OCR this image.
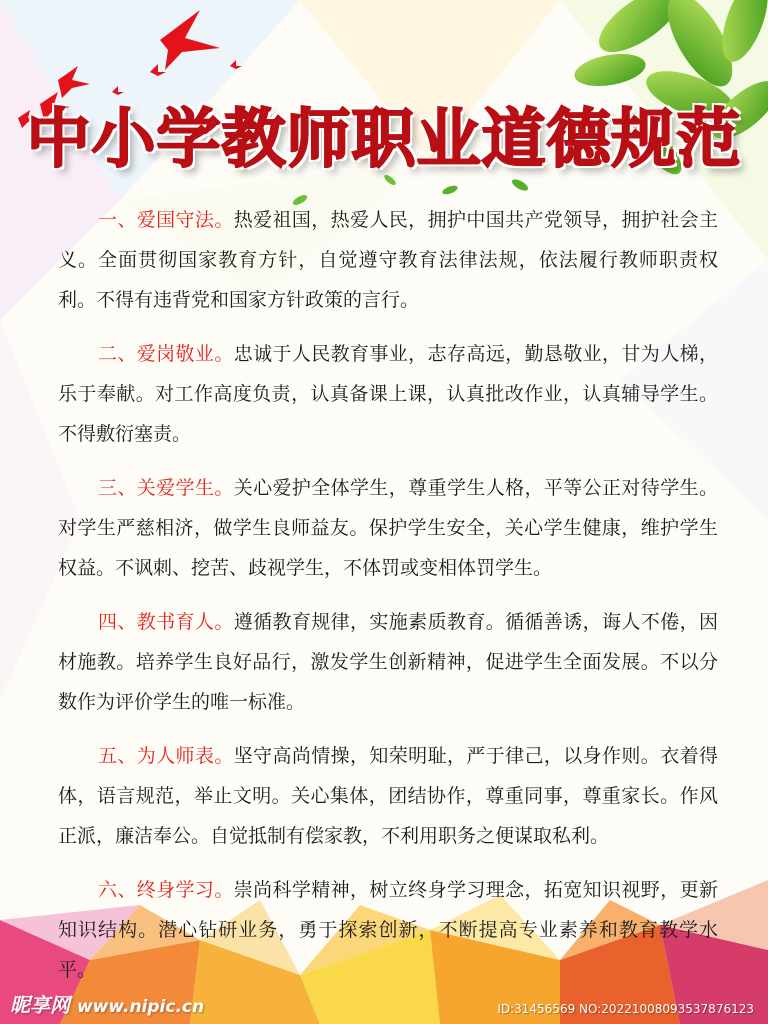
中小学教师职业道德规范

一、爱国守法。热爱祖国，热爱人民，拥护中国共产党领导，拥护社会主义。全面贯彻国家教育方针，自觉遵守教育法律法规，依法履行教师职责权利。不得有违背党和国家方针政策的言行。

二、爱岗敬业。忠诚于人民教育事业，志存高远，勤恳敬业，甘为人梯，乐于奉献。对工作高度负责，认真备课上课，认真批改作业，认真辅导学生。不得敷衍塞责。

三、关爱学生。关心爱护全体学生，尊重学生人格，平等公正对待学生。对学生严慈相济，做学生良师益友。保护学生安全，关心学生健康，维护学生权益。不讽刺、挖苦、歧视学生，不体罚或变相体罚学生。

四、教书育人。遵循教育规律，实施素质教育。循循善诱，诲人不倦，因材施教。培养学生良好品行，激发学生创新精神，促进学生全面发展。不以分数作为评价学生的唯一标准。

五、为人师表。坚守高尚情操，知荣明耻，严于律己，以身作则。衣着得体，语言规范，举止文明。关心集体，团结协作，尊重同事，尊重家长。作风正派，廉洁奉公。自觉抵制有偿家教，不利用职务之便谋取私利。

六、终身学习。崇尚科学精神，树立终身学习理念，拓宽知识视野，更新知识结构。潜心钻研业务，勇于探索创新，不断提高专业素养和教育教学水平。

昵享网 www.nipic.cn	ID:31456569 NO:20221008093537876123
